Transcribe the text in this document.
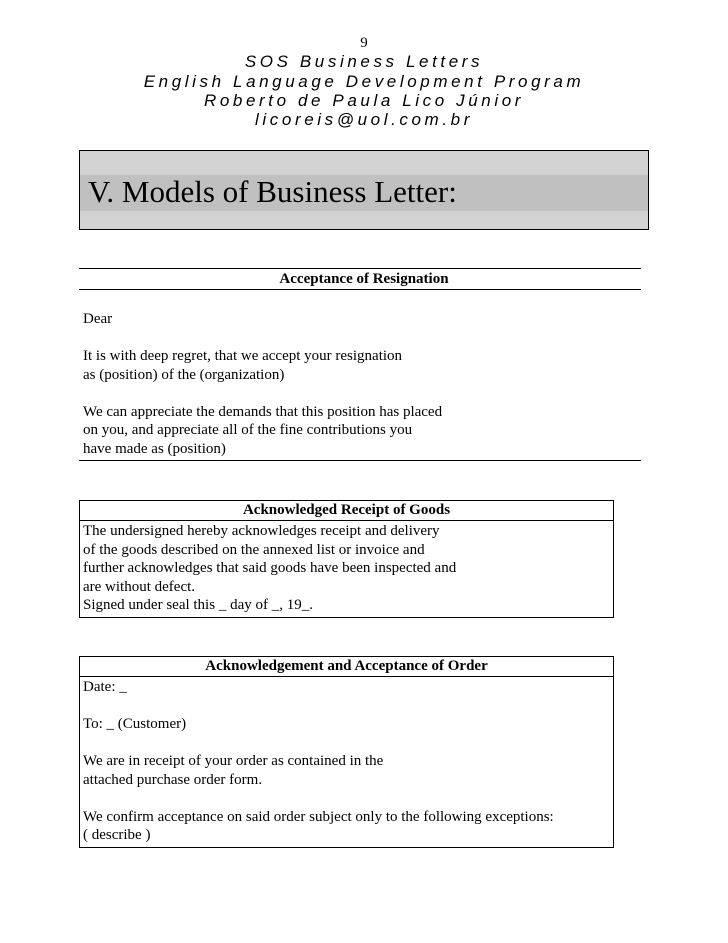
9
SOS Business Letters
English Language Development Program
Roberto de Paula Lico Júnior
licoreis@uol.com.br
V. Models of Business Letter:
Acceptance of Resignation
Dear
It is with deep regret, that we accept your resignation
as (position) of the (organization)
We can appreciate the demands that this position has placed
on you, and appreciate all of the fine contributions you
have made as (position)
Acknowledged Receipt of Goods
The undersigned hereby acknowledges receipt and delivery
of the goods described on the annexed list or invoice and
further acknowledges that said goods have been inspected and
are without defect.
Signed under seal this _ day of _, 19_.
Acknowledgement and Acceptance of Order
Date: _
To: _ (Customer)
We are in receipt of your order as contained in the
attached purchase order form.
We confirm acceptance on said order subject only to the following exceptions:
( describe )
